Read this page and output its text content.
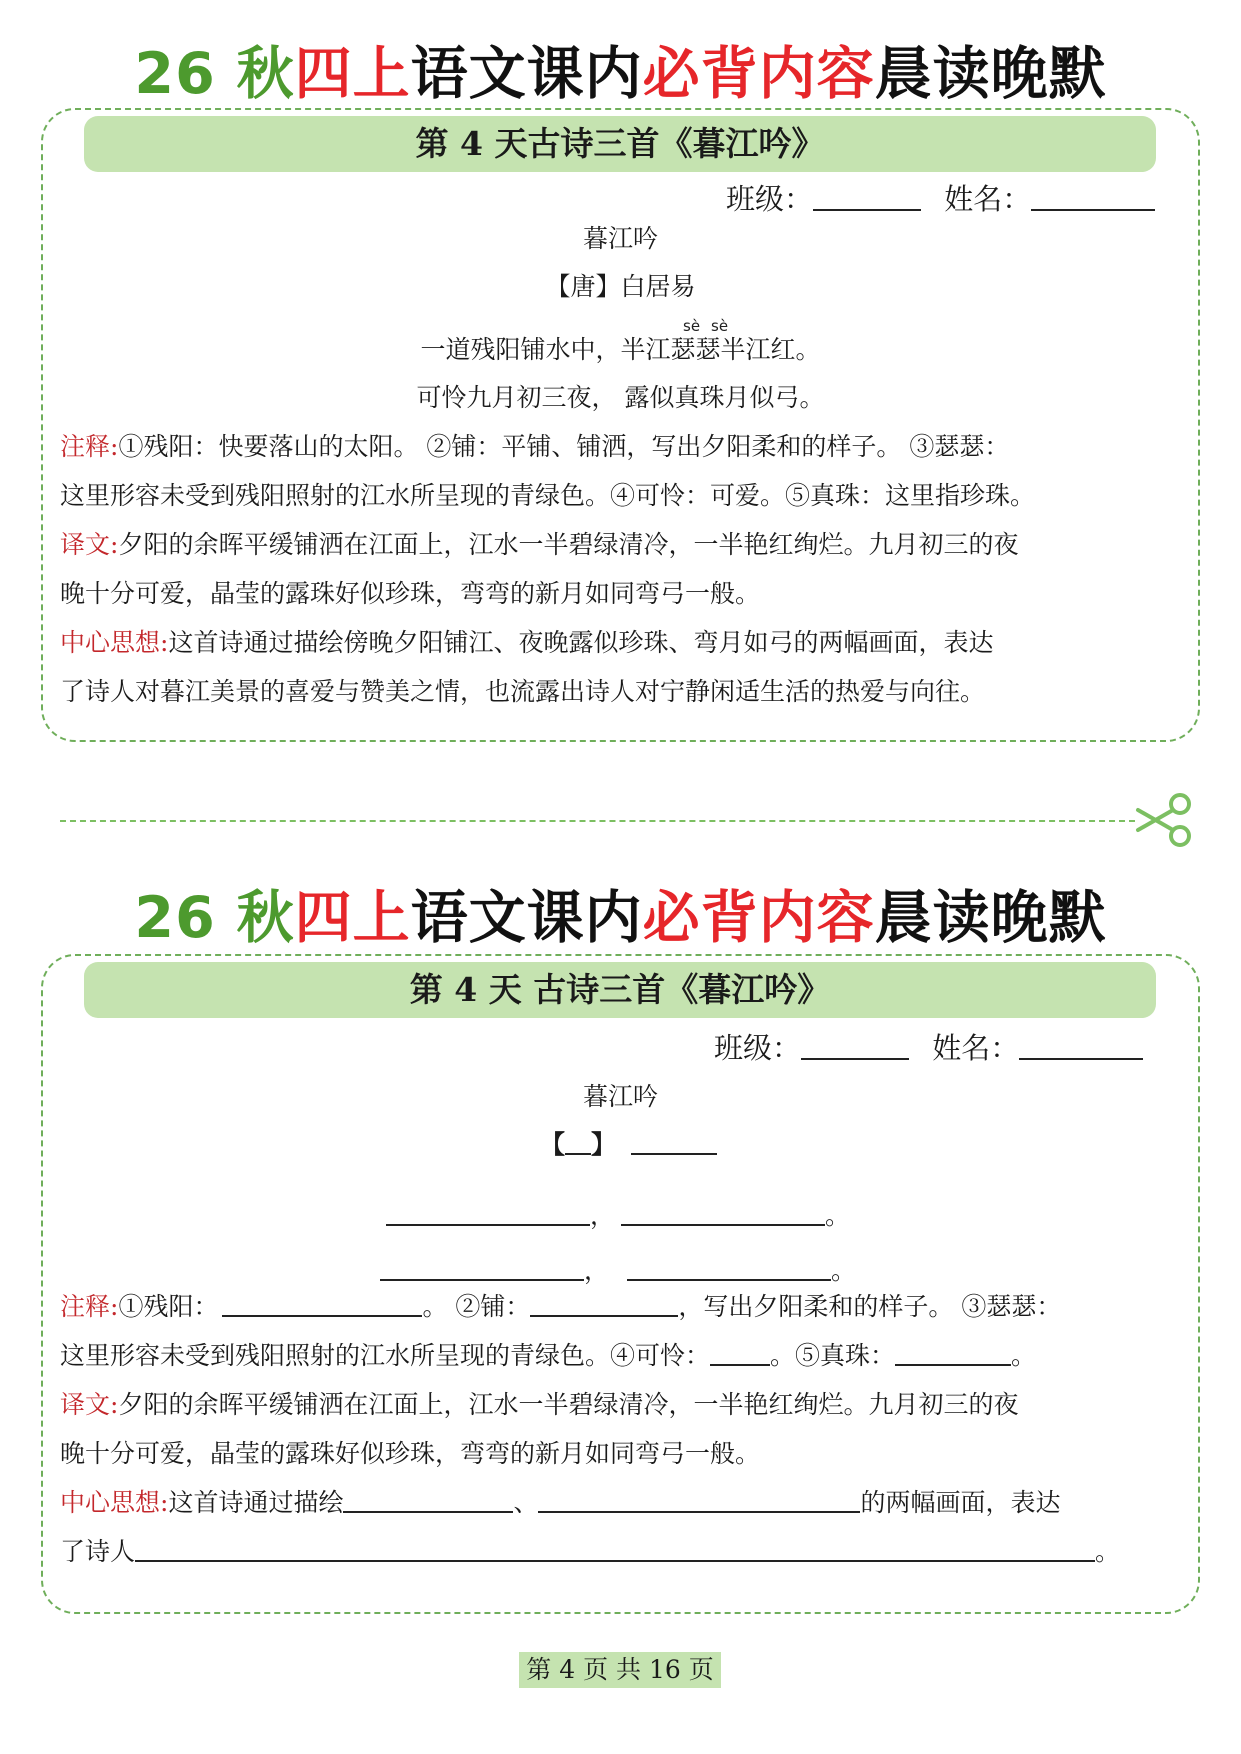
26 秋四上语文课内必背内容晨读晚默
第 4 天古诗三首《暮江吟》
班级：	姓名：
暮江吟
【唐】白居易
sè sè
一道残阳铺水中，半江瑟瑟半江红。
可怜九月初三夜， 露似真珠月似弓。
注释:①残阳：快要落山的太阳。 ②铺：平铺、铺洒，写出夕阳柔和的样子。 ③瑟瑟：
这里形容未受到残阳照射的江水所呈现的青绿色。④可怜：可爱。⑤真珠：这里指珍珠。
译文:夕阳的余晖平缓铺洒在江面上，江水一半碧绿清冷，一半艳红绚烂。九月初三的夜
晚十分可爱，晶莹的露珠好似珍珠，弯弯的新月如同弯弓一般。
中心思想:这首诗通过描绘傍晚夕阳铺江、夜晚露似珍珠、弯月如弓的两幅画面，表达
了诗人对暮江美景的喜爱与赞美之情，也流露出诗人对宁静闲适生活的热爱与向往。
26 秋四上语文课内必背内容晨读晚默
第 4 天 古诗三首《暮江吟》
班级：	姓名：
暮江吟
【 】
，	。
，	。
注释:①残阳：	。 ②铺：	，写出夕阳柔和的样子。 ③瑟瑟：
这里形容未受到残阳照射的江水所呈现的青绿色。④可怜： 。⑤真珠：	。
译文:夕阳的余晖平缓铺洒在江面上，江水一半碧绿清冷，一半艳红绚烂。九月初三的夜
晚十分可爱，晶莹的露珠好似珍珠，弯弯的新月如同弯弓一般。
中心思想:这首诗通过描绘	、	的两幅画面，表达
了诗人	。
第 4 页 共 16 页
